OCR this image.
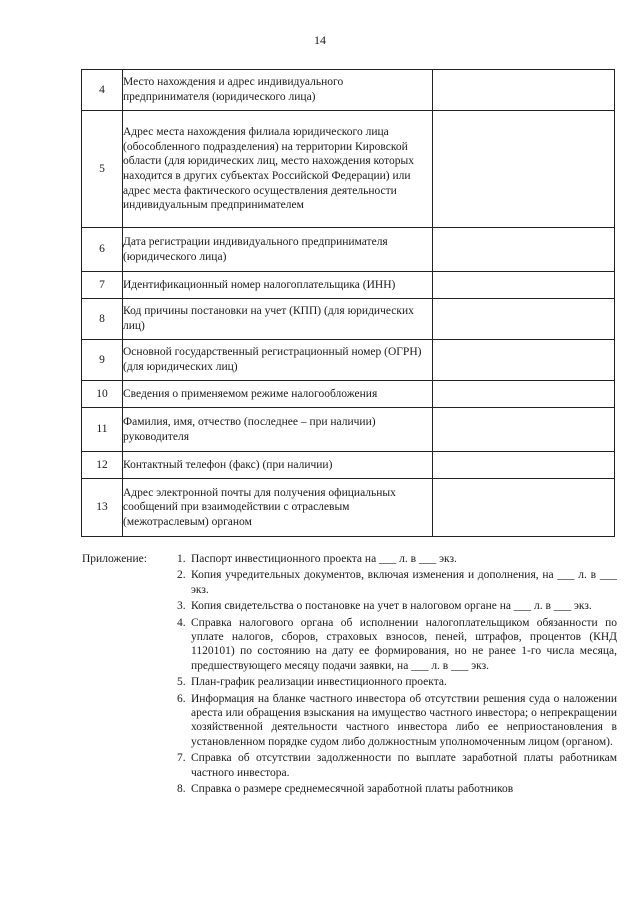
14
4	Место нахождения и адрес индивидуального предпринимателя (юридического лица)	
5	Адрес места нахождения филиала юридического лица (обособленного подразделения) на территории Кировской области (для юридических лиц, место нахождения которых находится в других субъектах Российской Федерации) или адрес места фактического осуществления деятельности индивидуальным предпринимателем	
6	Дата регистрации индивидуального предпринимателя (юридического лица)	
7	Идентификационный номер налогоплательщика (ИНН)	
8	Код причины постановки на учет (КПП) (для юридических лиц)	
9	Основной государственный регистрационный номер (ОГРН) (для юридических лиц)	
10	Сведения о применяемом режиме налогообложения	
11	Фамилия, имя, отчество (последнее – при наличии) руководителя	
12	Контактный телефон (факс) (при наличии)	
13	Адрес электронной почты для получения официальных сообщений при взаимодействии с отраслевым (межотраслевым) органом	
Приложение:	1. Паспорт инвестиционного проекта на ___ л. в ___ экз.
2. Копия учредительных документов, включая изменения и дополнения, на ___ л. в ___ экз.
3. Копия свидетельства о постановке на учет в налоговом органе на ___ л. в ___ экз.
4. Справка налогового органа об исполнении налогоплательщиком обязанности по уплате налогов, сборов, страховых взносов, пеней, штрафов, процентов (КНД 1120101) по состоянию на дату ее формирования, но не ранее 1-го числа месяца, предшествующего месяцу подачи заявки, на ___ л. в ___ экз.
5. План-график реализации инвестиционного проекта.
6. Информация на бланке частного инвестора об отсутствии решения суда о наложении ареста или обращения взыскания на имущество частного инвестора; о непрекращении хозяйственной деятельности частного инвестора либо ее неприостановления в установленном порядке судом либо должностным уполномоченным лицом (органом).
7. Справка об отсутствии задолженности по выплате заработной платы работникам частного инвестора.
8. Справка о размере среднемесячной заработной платы работников
